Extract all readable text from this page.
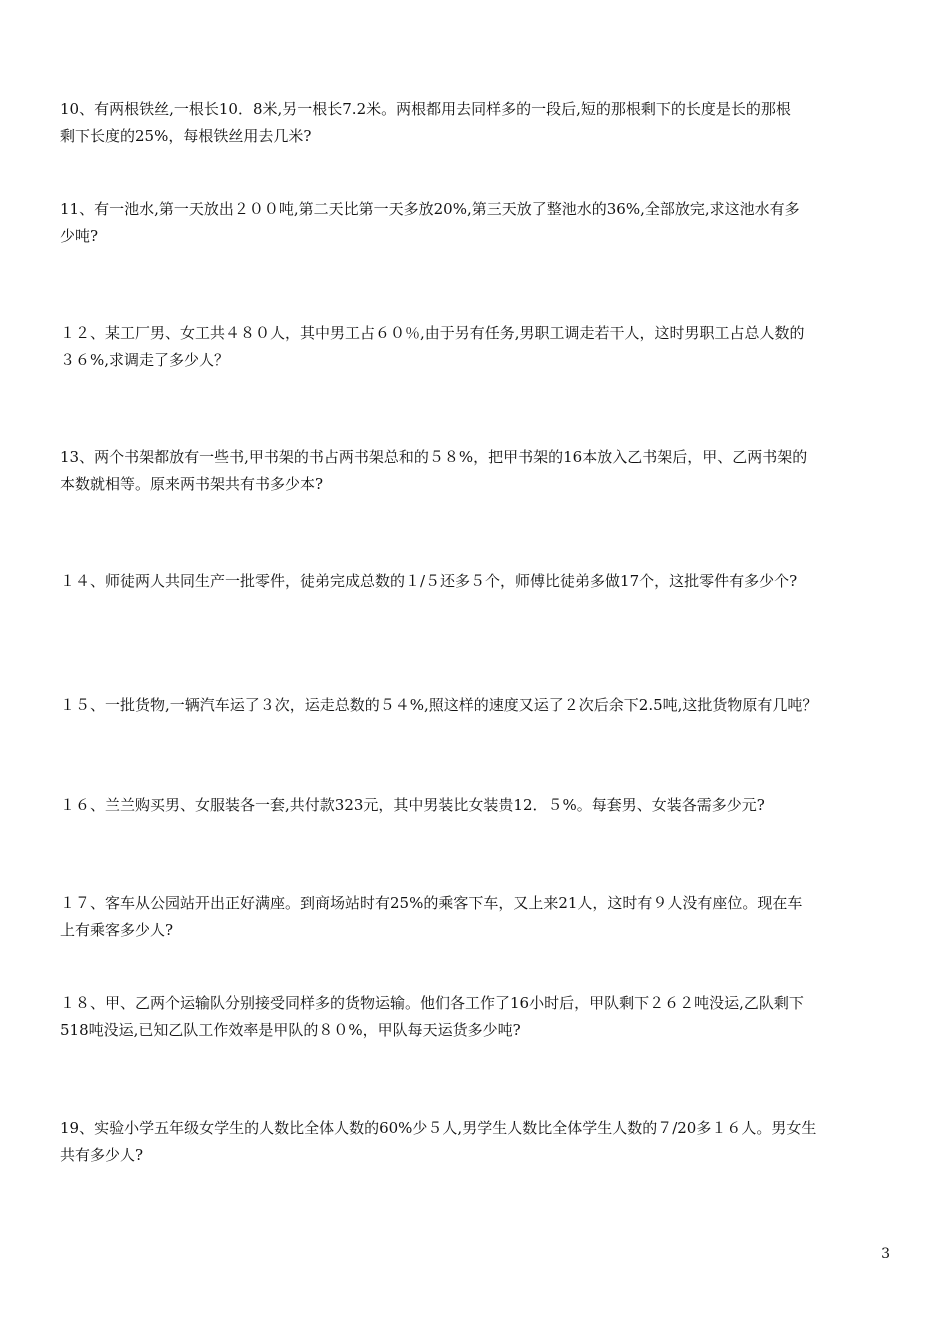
10、有两根铁丝,一根长10．8米,另一根长7.2米。两根都用去同样多的一段后,短的那根剩下的长度是长的那根
剩下长度的25%，每根铁丝用去几米?
11、有一池水,第一天放出２００吨,第二天比第一天多放20%,第三天放了整池水的36%,全部放完,求这池水有多
少吨?
１２、某工厂男、女工共４８０人，其中男工占６０％,由于另有任务,男职工调走若干人，这时男职工占总人数的
３６%,求调走了多少人？
13、两个书架都放有一些书,甲书架的书占两书架总和的５８%，把甲书架的16本放入乙书架后，甲、乙两书架的
本数就相等。原来两书架共有书多少本?
１４、师徒两人共同生产一批零件，徒弟完成总数的１/５还多５个，师傅比徒弟多做17个，这批零件有多少个?
１５、一批货物,一辆汽车运了３次，运走总数的５４%,照这样的速度又运了２次后余下2.5吨,这批货物原有几吨？
１６、兰兰购买男、女服装各一套,共付款323元，其中男装比女装贵12．５%。每套男、女装各需多少元?
１７、客车从公园站开出正好满座。到商场站时有25%的乘客下车，又上来21人，这时有９人没有座位。现在车
上有乘客多少人?
１８、甲、乙两个运输队分别接受同样多的货物运输。他们各工作了16小时后，甲队剩下２６２吨没运,乙队剩下
518吨没运,已知乙队工作效率是甲队的８０%，甲队每天运货多少吨?
19、实验小学五年级女学生的人数比全体人数的60%少５人,男学生人数比全体学生人数的７/20多１６人。男女生
共有多少人?
3
